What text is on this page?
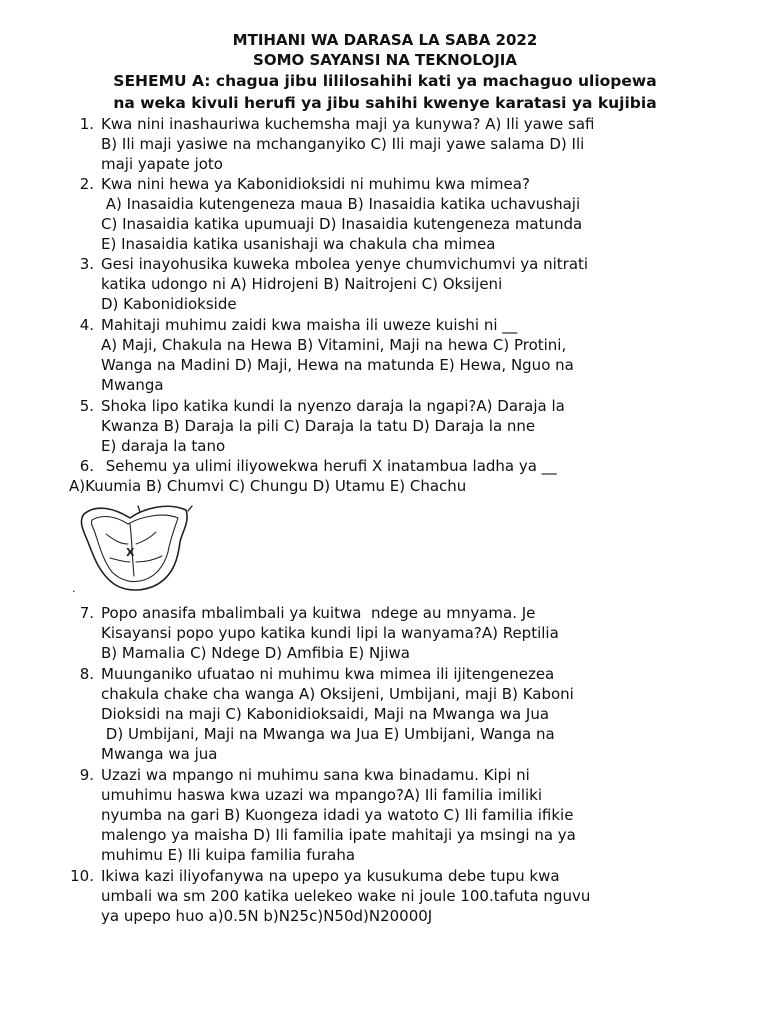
MTIHANI WA DARASA LA SABA 2022
SOMO SAYANSI NA TEKNOLOJIA
SEHEMU A: chagua jibu lililosahihi kati ya machaguo uliopewa
na weka kivuli herufi ya jibu sahihi kwenye karatasi ya kujibia
1. Kwa nini inashauriwa kuchemsha maji ya kunywa? A) Ili yawe safi
B) Ili maji yasiwe na mchanganyiko C) Ili maji yawe salama D) Ili
maji yapate joto
2. Kwa nini hewa ya Kabonidioksidi ni muhimu kwa mimea?
A) Inasaidia kutengeneza maua B) Inasaidia katika uchavushaji
C) Inasaidia katika upumuaji D) Inasaidia kutengeneza matunda
E) Inasaidia katika usanishaji wa chakula cha mimea
3. Gesi inayohusika kuweka mbolea yenye chumvichumvi ya nitrati
katika udongo ni A) Hidrojeni B) Naitrojeni C) Oksijeni
D) Kabonidiokside
4. Mahitaji muhimu zaidi kwa maisha ili uweze kuishi ni __
A) Maji, Chakula na Hewa B) Vitamini, Maji na hewa C) Protini,
Wanga na Madini D) Maji, Hewa na matunda E) Hewa, Nguo na
Mwanga
5. Shoka lipo katika kundi la nyenzo daraja la ngapi?A) Daraja la
Kwanza B) Daraja la pili C) Daraja la tatu D) Daraja la nne
E) daraja la tano
6. Sehemu ya ulimi iliyowekwa herufi X inatambua ladha ya __
A)Kuumia B) Chumvi C) Chungu D) Utamu E) Chachu
X
.
7. Popo anasifa mbalimbali ya kuitwa  ndege au mnyama. Je
Kisayansi popo yupo katika kundi lipi la wanyama?A) Reptilia
B) Mamalia C) Ndege D) Amfibia E) Njiwa
8. Muunganiko ufuatao ni muhimu kwa mimea ili ijitengenezea
chakula chake cha wanga A) Oksijeni, Umbijani, maji B) Kaboni
Dioksidi na maji C) Kabonidioksaidi, Maji na Mwanga wa Jua
D) Umbijani, Maji na Mwanga wa Jua E) Umbijani, Wanga na
Mwanga wa jua
9. Uzazi wa mpango ni muhimu sana kwa binadamu. Kipi ni
umuhimu haswa kwa uzazi wa mpango?A) Ili familia imiliki
nyumba na gari B) Kuongeza idadi ya watoto C) Ili familia ifikie
malengo ya maisha D) Ili familia ipate mahitaji ya msingi na ya
muhimu E) Ili kuipa familia furaha
10. Ikiwa kazi iliyofanywa na upepo ya kusukuma debe tupu kwa
umbali wa sm 200 katika uelekeo wake ni joule 100.tafuta nguvu
ya upepo huo a)0.5N b)N25c)N50d)N20000J
